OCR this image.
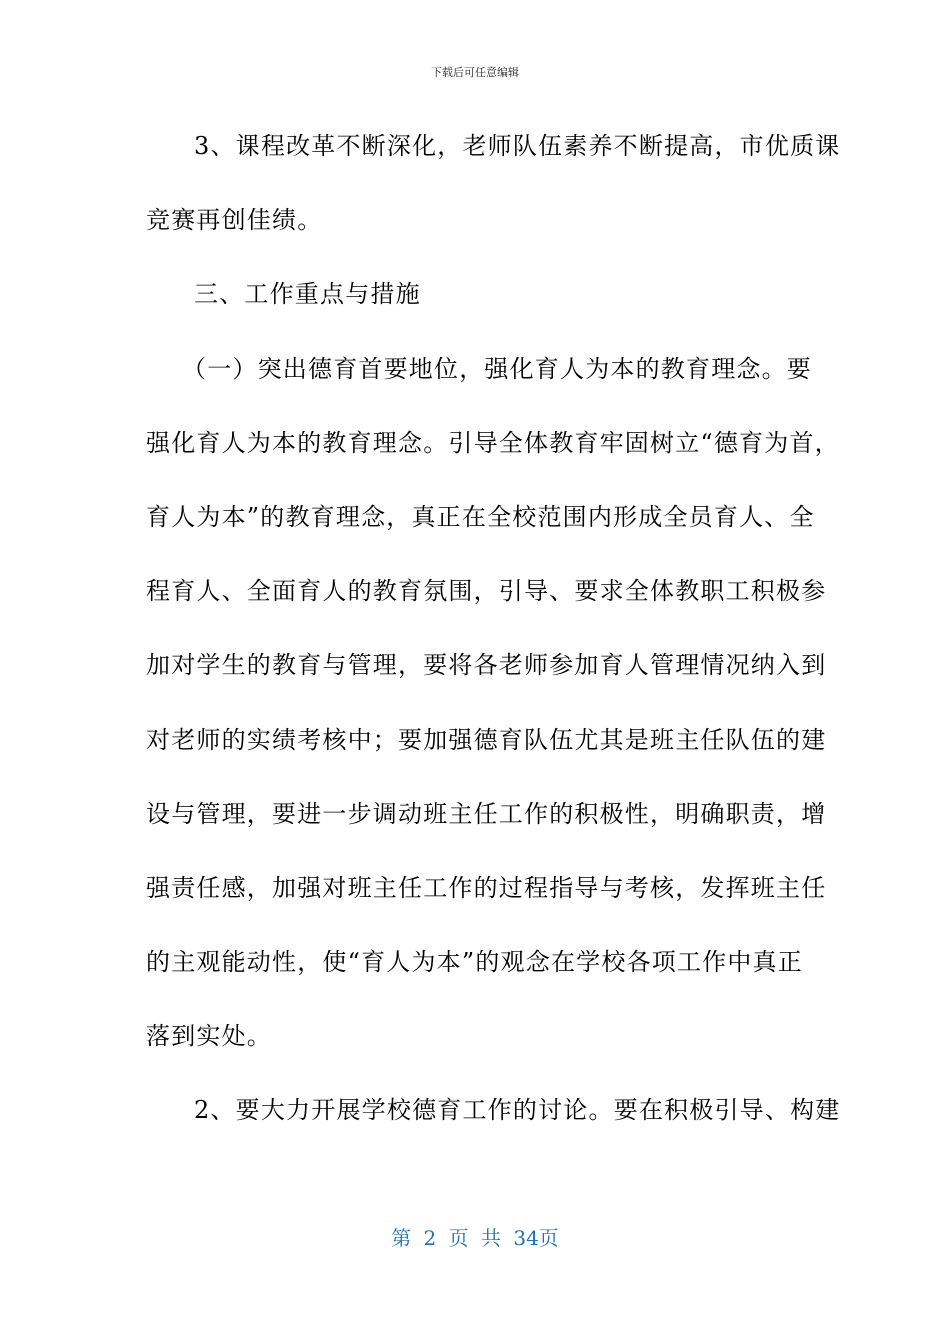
下载后可任意编辑
3、课程改革不断深化，老师队伍素养不断提高，市优质课
竞赛再创佳绩。
三、工作重点与措施
（一）突出德育首要地位，强化育人为本的教育理念。要
强化育人为本的教育理念。引导全体教育牢固树立“德育为首，
育人为本”的教育理念，真正在全校范围内形成全员育人、全
程育人、全面育人的教育氛围，引导、要求全体教职工积极参
加对学生的教育与管理，要将各老师参加育人管理情况纳入到
对老师的实绩考核中；要加强德育队伍尤其是班主任队伍的建
设与管理，要进一步调动班主任工作的积极性，明确职责，增
强责任感，加强对班主任工作的过程指导与考核，发挥班主任
的主观能动性，使“育人为本”的观念在学校各项工作中真正
落到实处。
2、要大力开展学校德育工作的讨论。要在积极引导、构建
第 2 页 共 34页
